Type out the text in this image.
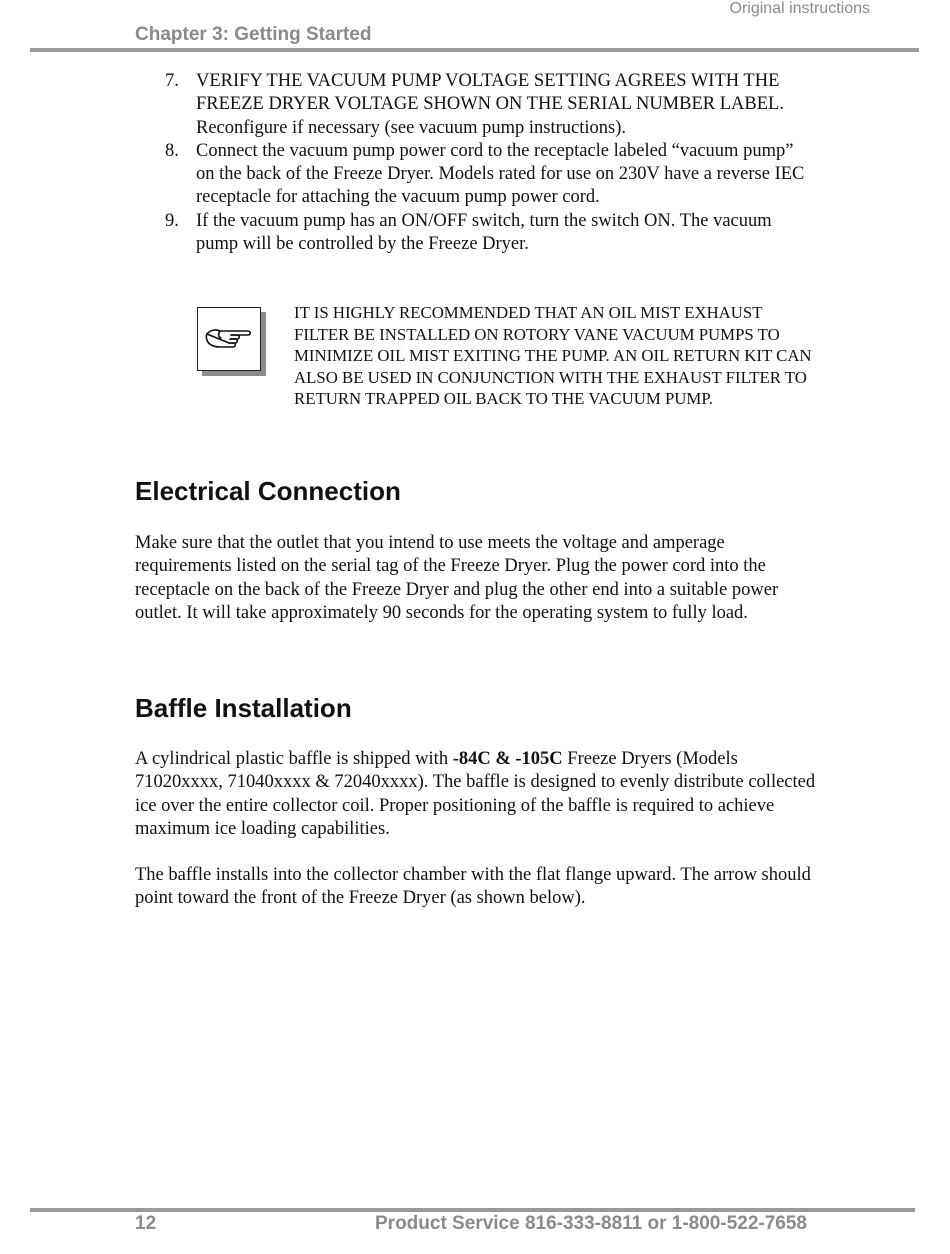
Original instructions
Chapter 3: Getting Started
7. VERIFY THE VACUUM PUMP VOLTAGE SETTING AGREES WITH THE FREEZE DRYER VOLTAGE SHOWN ON THE SERIAL NUMBER LABEL. Reconfigure if necessary (see vacuum pump instructions).
8. Connect the vacuum pump power cord to the receptacle labeled “vacuum pump” on the back of the Freeze Dryer. Models rated for use on 230V have a reverse IEC receptacle for attaching the vacuum pump power cord.
9. If the vacuum pump has an ON/OFF switch, turn the switch ON. The vacuum pump will be controlled by the Freeze Dryer.
IT IS HIGHLY RECOMMENDED THAT AN OIL MIST EXHAUST FILTER BE INSTALLED ON ROTORY VANE VACUUM PUMPS TO MINIMIZE OIL MIST EXITING THE PUMP. AN OIL RETURN KIT CAN ALSO BE USED IN CONJUNCTION WITH THE EXHAUST FILTER TO RETURN TRAPPED OIL BACK TO THE VACUUM PUMP.
Electrical Connection

Make sure that the outlet that you intend to use meets the voltage and amperage requirements listed on the serial tag of the Freeze Dryer. Plug the power cord into the receptacle on the back of the Freeze Dryer and plug the other end into a suitable power outlet. It will take approximately 90 seconds for the operating system to fully load.

Baffle Installation

A cylindrical plastic baffle is shipped with -84C & -105C Freeze Dryers (Models 71020xxxx, 71040xxxx & 72040xxxx). The baffle is designed to evenly distribute collected ice over the entire collector coil. Proper positioning of the baffle is required to achieve maximum ice loading capabilities.

The baffle installs into the collector chamber with the flat flange upward. The arrow should point toward the front of the Freeze Dryer (as shown below).

12	Product Service 816-333-8811 or 1-800-522-7658
